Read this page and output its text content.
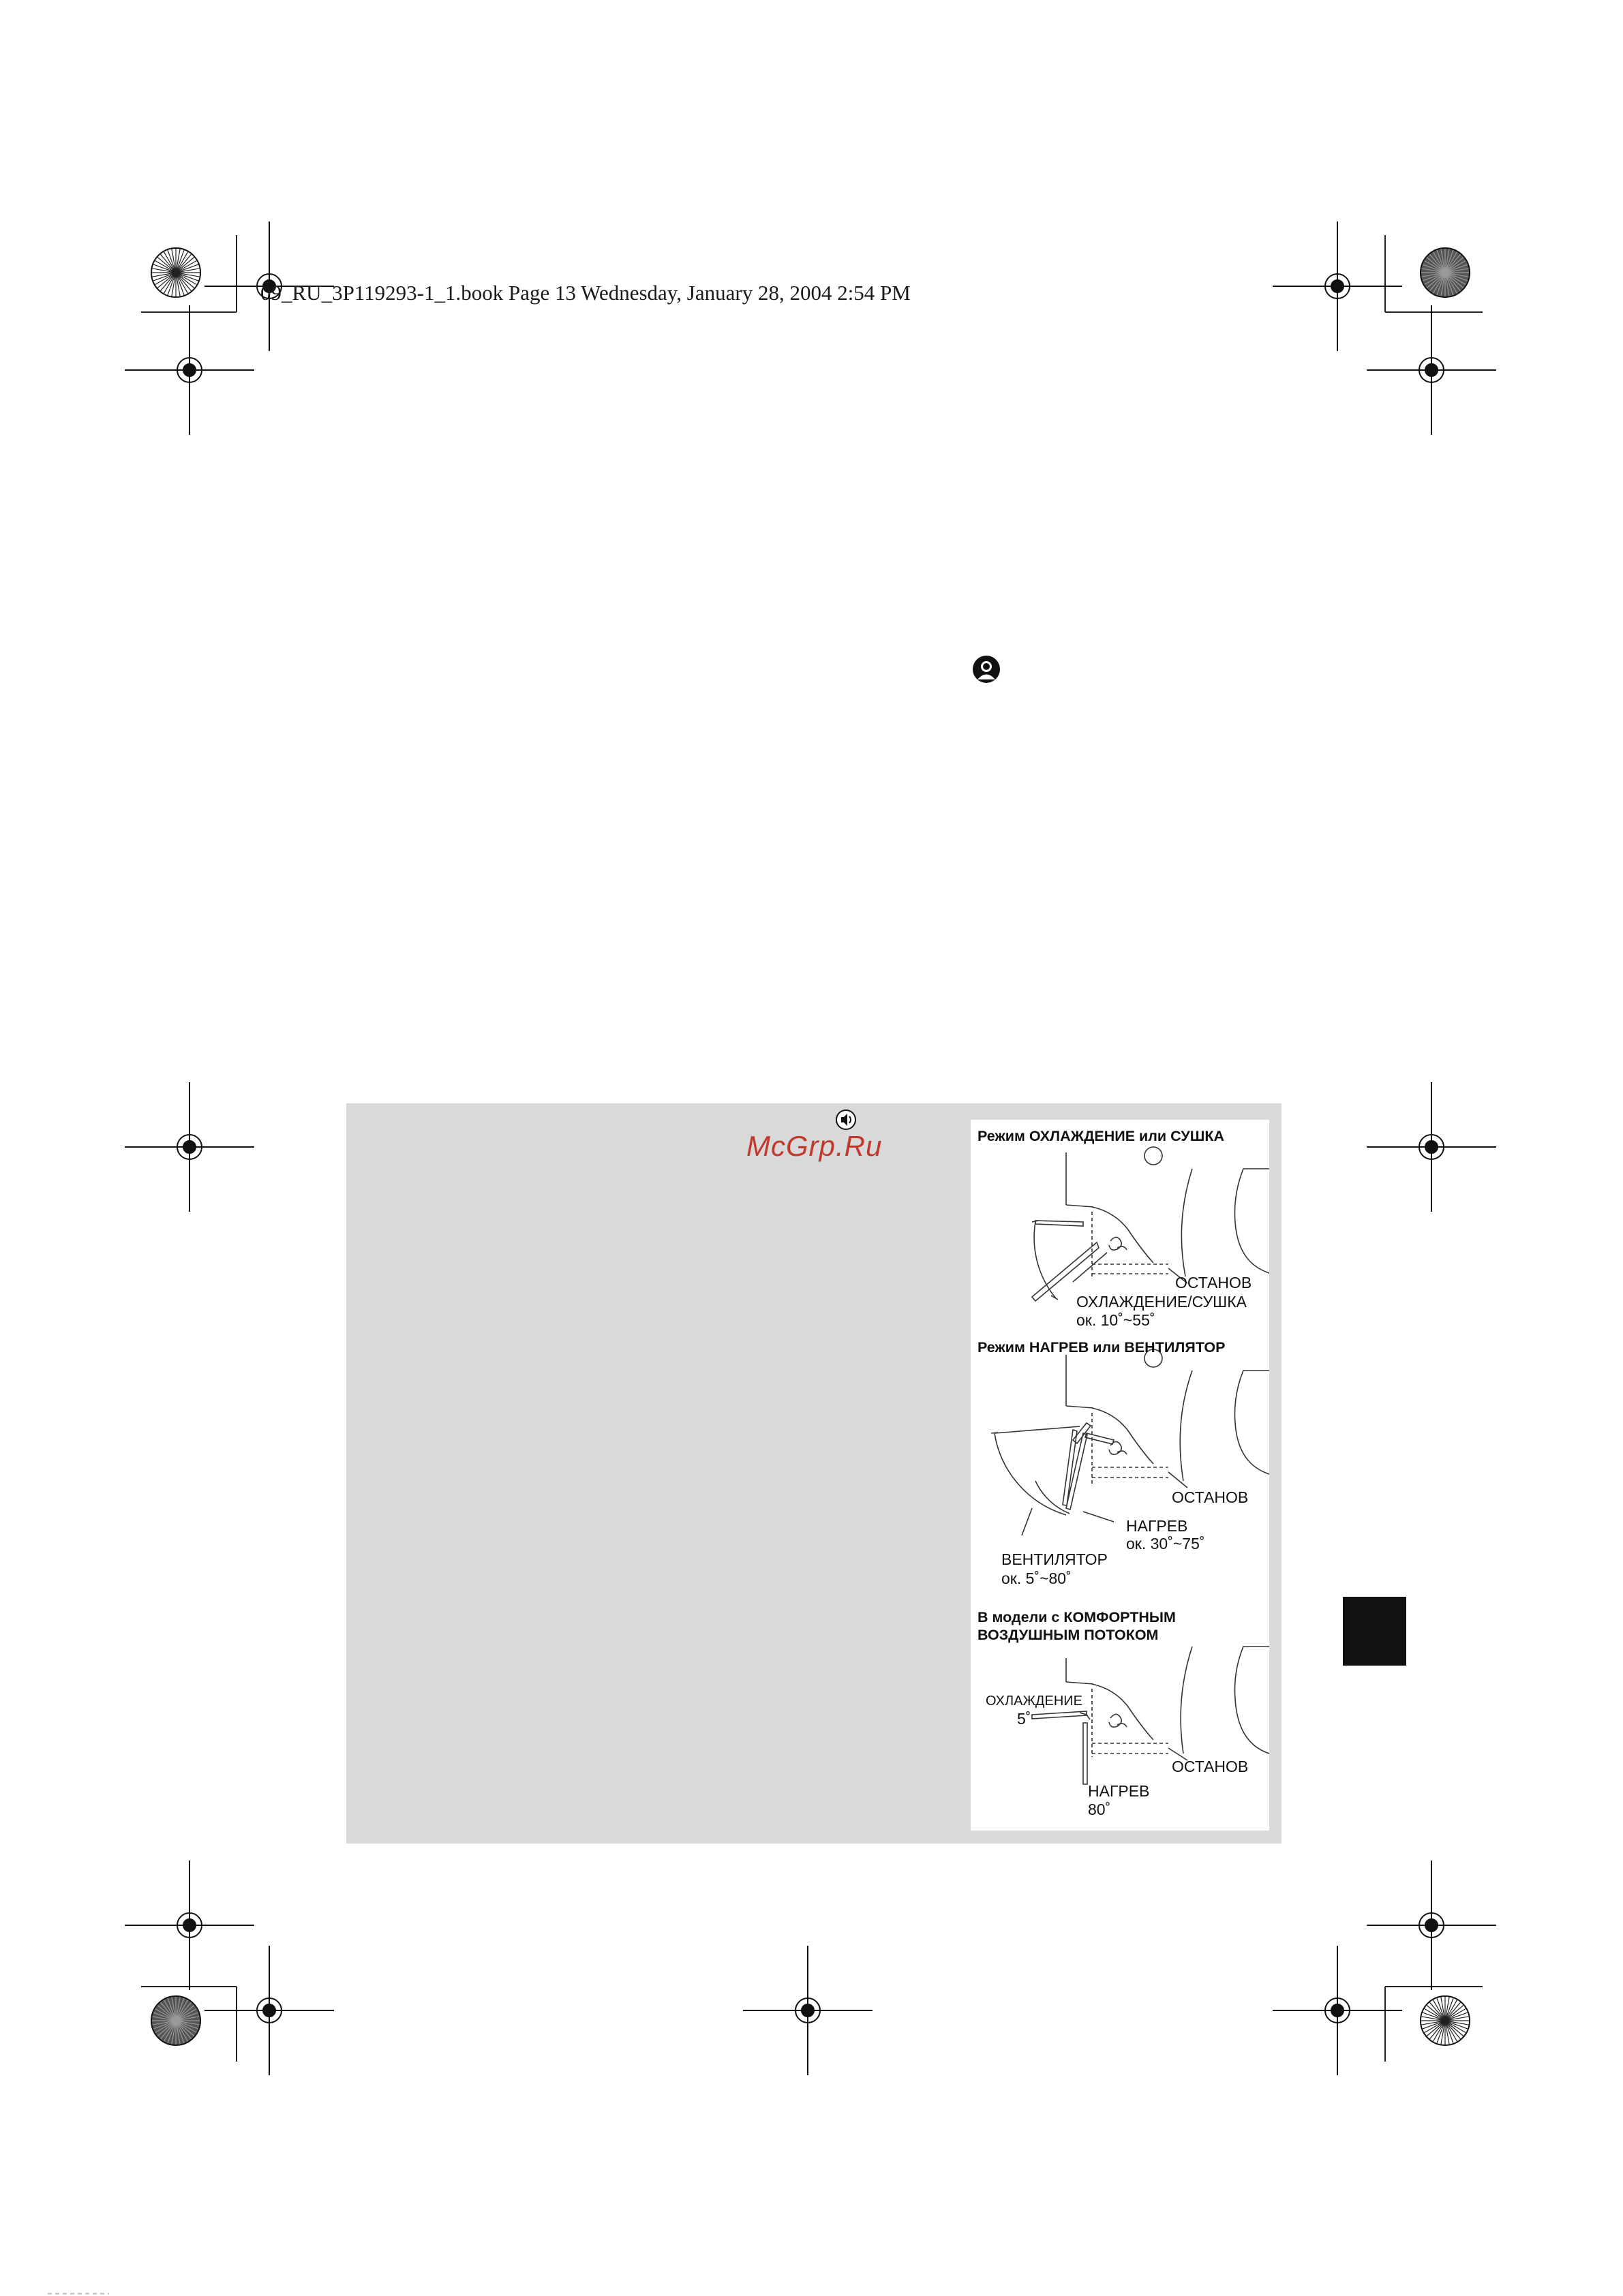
09_RU_3P119293-1_1.book Page 13 Wednesday, January 28, 2004 2:54 PM
McGrp.Ru	Режим ОХЛАЖДЕНИЕ или СУШКА
ОСТАНОВ
ОХЛАЖДЕНИЕ/СУШКА
ок. 10˚~55˚
Режим НАГРЕВ или ВЕНТИЛЯТОР
ОСТАНОВ
НАГРЕВ
ок. 30˚~75˚
ВЕНТИЛЯТОР
ок. 5˚~80˚
В модели с КОМФОРТНЫМ
ВОЗДУШНЫМ ПОТОКОМ
ОХЛАЖДЕНИЕ
5˚
ОСТАНОВ
НАГРЕВ
80˚
